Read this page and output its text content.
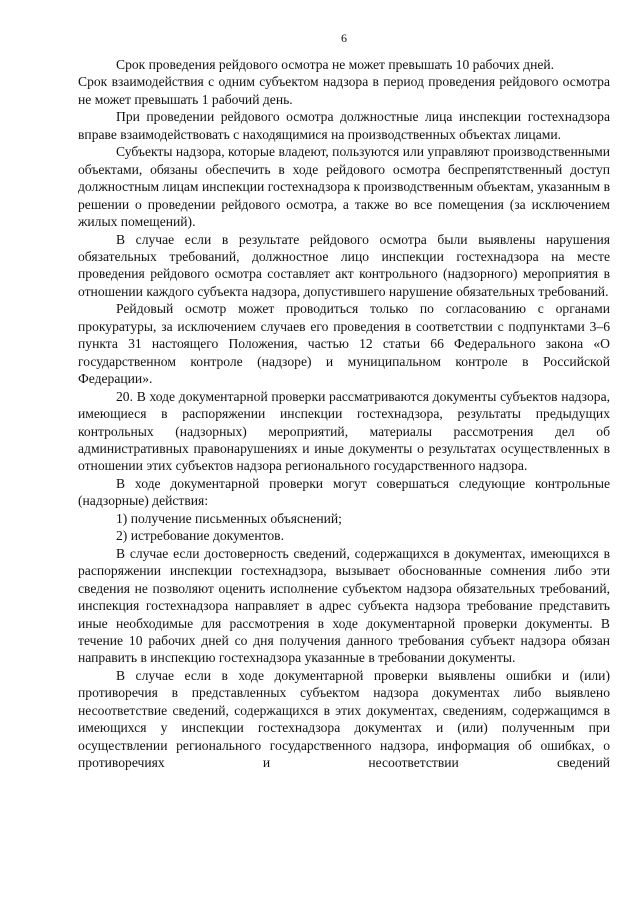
6

Срок проведения рейдового осмотра не может превышать 10 рабочих дней.

Срок взаимодействия с одним субъектом надзора в период проведения рейдового осмотра не может превышать 1 рабочий день.

При проведении рейдового осмотра должностные лица инспекции гостехнадзора вправе взаимодействовать с находящимися на производственных объектах лицами.

Субъекты надзора, которые владеют, пользуются или управляют производственными объектами, обязаны обеспечить в ходе рейдового осмотра беспрепятственный доступ должностным лицам инспекции гостехнадзора к производственным объектам, указанным в решении о проведении рейдового осмотра, а также во все помещения (за исключением жилых помещений).

В случае если в результате рейдового осмотра были выявлены нарушения обязательных требований, должностное лицо инспекции гостехнадзора на месте проведения рейдового осмотра составляет акт контрольного (надзорного) мероприятия в отношении каждого субъекта надзора, допустившего нарушение обязательных требований.

Рейдовый осмотр может проводиться только по согласованию с органами прокуратуры, за исключением случаев его проведения в соответствии с подпунктами 3–6 пункта 31 настоящего Положения, частью 12 статьи 66 Федерального закона «О государственном контроле (надзоре) и муниципальном контроле в Российской Федерации».

20. В ходе документарной проверки рассматриваются документы субъектов надзора, имеющиеся в распоряжении инспекции гостехнадзора, результаты предыдущих контрольных (надзорных) мероприятий, материалы рассмотрения дел об административных правонарушениях и иные документы о результатах осуществленных в отношении этих субъектов надзора регионального государственного надзора.

В ходе документарной проверки могут совершаться следующие контрольные (надзорные) действия:

1) получение письменных объяснений;

2) истребование документов.

В случае если достоверность сведений, содержащихся в документах, имеющихся в распоряжении инспекции гостехнадзора, вызывает обоснованные сомнения либо эти сведения не позволяют оценить исполнение субъектом надзора обязательных требований, инспекция гостехнадзора направляет в адрес субъекта надзора требование представить иные необходимые для рассмотрения в ходе документарной проверки документы. В течение 10 рабочих дней со дня получения данного требования субъект надзора обязан направить в инспекцию гостехнадзора указанные в требовании документы.

В случае если в ходе документарной проверки выявлены ошибки и (или) противоречия в представленных субъектом надзора документах либо выявлено несоответствие сведений, содержащихся в этих документах, сведениям, содержащимся в имеющихся у инспекции гостехнадзора документах и (или) полученным при осуществлении регионального государственного надзора, информация об ошибках, о противоречиях и несоответствии сведений
